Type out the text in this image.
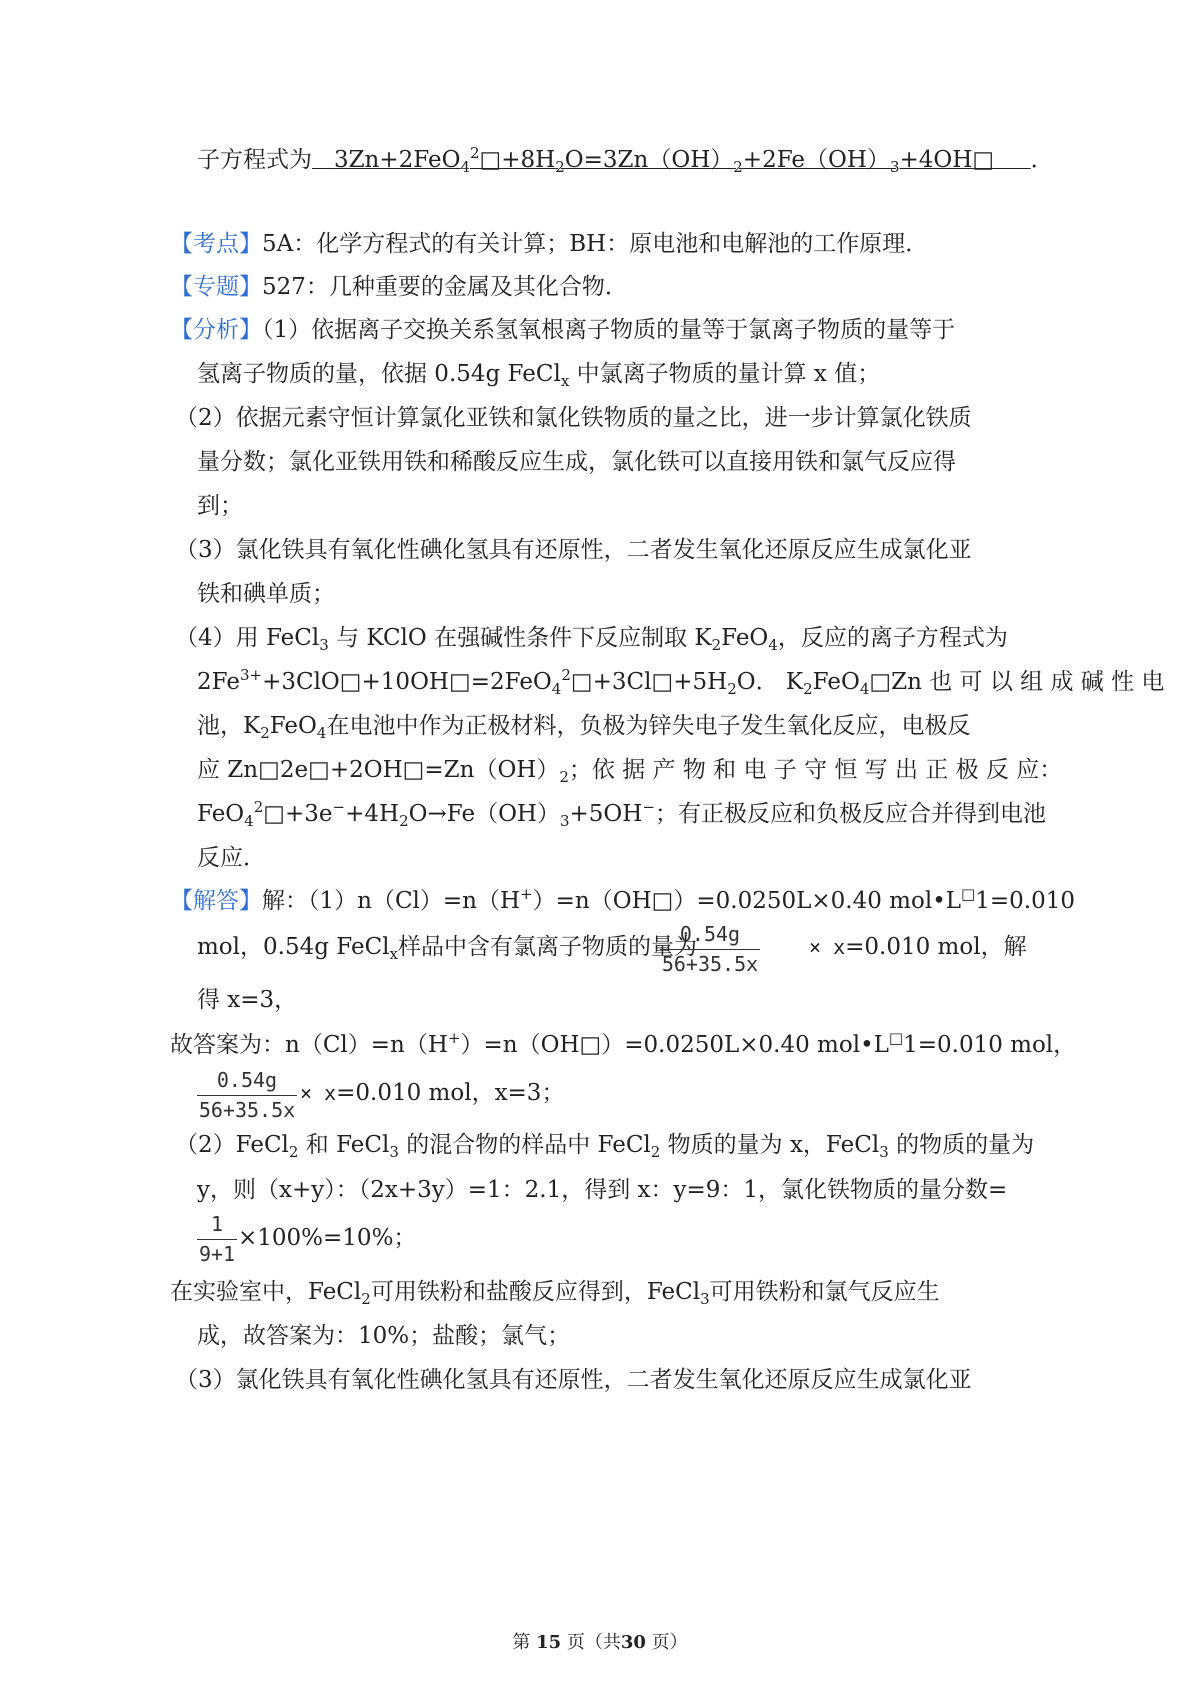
子方程式为 $3Zn+2FeO_4^2□+8H_2O=3Zn(OH)_2+2Fe(OH)_3+4OH□$     ．
【考点】5A：化学方程式的有关计算；BH：原电池和电解池的工作原理．
【专题】527：几种重要的金属及其化合物．
【分析】（1）依据离子交换关系氢氧根离子物质的量等于氯离子物质的量等于
氢离子物质的量，依据 0.54g FeCl$_x$ 中氯离子物质的量计算 x 值；
（2）依据元素守恒计算氯化亚铁和氯化铁物质的量之比，进一步计算氯化铁质
量分数；氯化亚铁用铁和稀酸反应生成，氯化铁可以直接用铁和氯气反应得
到；
（3）氯化铁具有氧化性碘化氢具有还原性，二者发生氧化还原反应生成氯化亚
铁和碘单质；
（4）用 FeCl$_3$ 与 KClO 在强碱性条件下反应制取 $K_2FeO_4$，反应的离子方程式为
$2Fe^{3+}+3ClO□+10OH□=2FeO_4^2□+3Cl□+5H_2O$． $K_2FeO_4□Zn$ 也 可 以 组 成 碱 性 电
池，$K_2FeO_4$在电池中作为正极材料，负极为锌失电子发生氧化反应，电极反
应 $Zn□2e□+2OH□=Zn(OH)_2$；依 据 产 物 和 电 子 守 恒 写 出 正 极 反 应：
$FeO_4^2□+3e^-+4H_2O\to Fe(OH)_3+5OH^-$；有正极反应和负极反应合并得到电池
反应．
【解答】解：（1）n（Cl）=n（H+）=n（OH□）=0.0250L×0.40 mol•L□1=0.010
mol，0.54g FeCl$_x$样品中含有氯离子物质的量为	× x=0.010 mol，解
0.54g
56+35.5x
得 x=3，
故答案为：n（Cl）=n（H+）=n（OH□）=0.0250L×0.40 mol•L□1=0.010 mol，
0.54g
56+35.5x
× x=0.010 mol，x=3；
（2）FeCl$_2$ 和 FeCl$_3$ 的混合物的样品中 FeCl$_2$ 物质的量为 x，FeCl$_3$ 的物质的量为
y，则（x+y）：（2x+3y）=1：2.1，得到 x：y=9：1，氯化铁物质的量分数=
1
9+1
×100%=10%；
在实验室中，FeCl$_2$可用铁粉和盐酸反应得到，FeCl$_3$可用铁粉和氯气反应生
成，故答案为：10%；盐酸；氯气；
（3）氯化铁具有氧化性碘化氢具有还原性，二者发生氧化还原反应生成氯化亚
第 15 页（共30 页）
